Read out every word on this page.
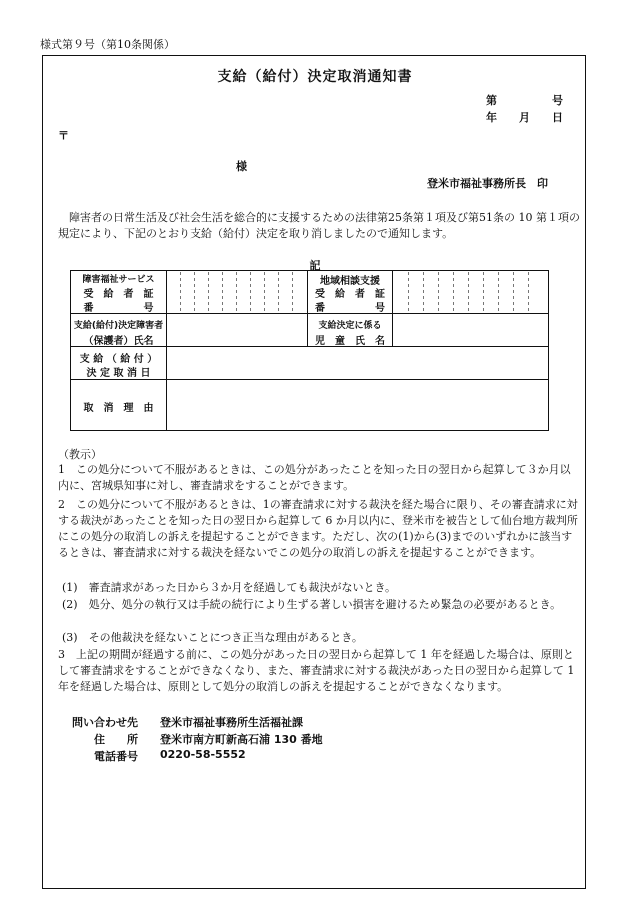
様式第９号（第10条関係）
支給（給付）決定取消通知書
第	号
年 月 日
〒
様
登米市福祉事務所長　印
障害者の日常生活及び社会生活を総合的に支援するための法律第25条第１項及び第51条の 10 第１項の規定により、下記のとおり支給（給付）決定を取り消しましたので通知します。
記
障害福祉サービス
受　給　者　証
番　　　　　号
地域相談支援
受　給　者　証
番　　　　　号
支給(給付)決定障害者
（保護者）氏名
支給決定に係る
児　童　氏　名
支 給 （ 給 付 ）
決 定 取 消 日
取　消　理　由
（教示）
1　この処分について不服があるときは、この処分があったことを知った日の翌日から起算して３か月以内に、宮城県知事に対し、審査請求をすることができます。
2　この処分について不服があるときは、1の審査請求に対する裁決を経た場合に限り、その審査請求に対する裁決があったことを知った日の翌日から起算して 6 か月以内に、登米市を被告として仙台地方裁判所にこの処分の取消しの訴えを提起することができます。ただし、次の(1)から(3)までのいずれかに該当するときは、審査請求に対する裁決を経ないでこの処分の取消しの訴えを提起することができます。
(1)　審査請求があった日から３か月を経過しても裁決がないとき。
(2)　処分、処分の執行又は手続の続行により生ずる著しい損害を避けるため緊急の必要があるとき。
(3)　その他裁決を経ないことにつき正当な理由があるとき。
3　上記の期間が経過する前に、この処分があった日の翌日から起算して 1 年を経過した場合は、原則として審査請求をすることができなくなり、また、審査請求に対する裁決があった日の翌日から起算して 1 年を経過した場合は、原則として処分の取消しの訴えを提起することができなくなります。
問い合わせ先 登米市福祉事務所生活福祉課
住　　所 登米市南方町新高石浦 130 番地
電話番号 0220-58-5552
